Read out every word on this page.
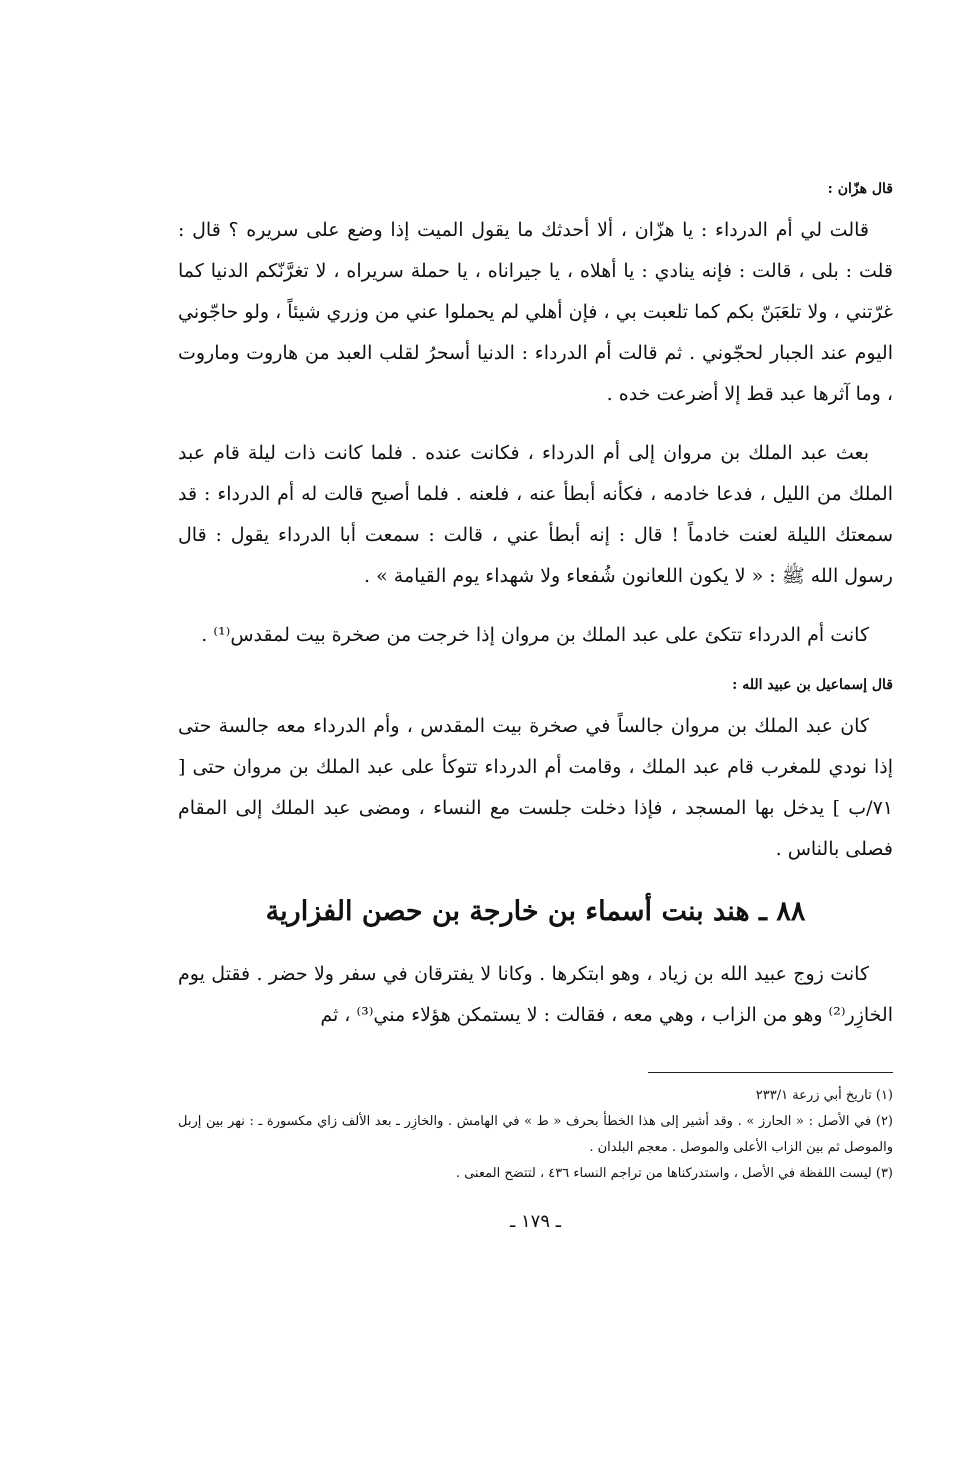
قال هزّان :

قالت لي أم الدرداء : يا هزّان ، ألا أحدثك ما يقول الميت إذا وضع على سريره ؟ قال : قلت : بلى ، قالت : فإنه ينادي : يا أهلاه ، يا جيراناه ، يا حملة سريراه ، لا تغرَّنّكم الدنيا كما غرّتني ، ولا تلعَبَنّ بكم كما تلعبت بي ، فإن أهلي لم يحملوا عني من وزري شيئاً ، ولو حاجّوني اليوم عند الجبار لحجّوني . ثم قالت أم الدرداء : الدنيا أسحرُ لقلب العبد من هاروت وماروت ، وما آثرها عبد قط إلا أضرعت خده .

بعث عبد الملك بن مروان إلى أم الدرداء ، فكانت عنده . فلما كانت ذات ليلة قام عبد الملك من الليل ، فدعا خادمه ، فكأنه أبطأ عنه ، فلعنه . فلما أصبح قالت له أم الدرداء : قد سمعتك الليلة لعنت خادماً ! قال : إنه أبطأ عني ، قالت : سمعت أبا الدرداء يقول : قال رسول الله ﷺ : « لا يكون اللعانون شُفعاء ولا شهداء يوم القيامة » .

كانت أم الدرداء تتكئ على عبد الملك بن مروان إذا خرجت من صخرة بيت لمقدس⁽¹⁾ .

قال إسماعيل بن عبيد الله :

كان عبد الملك بن مروان جالساً في صخرة بيت المقدس ، وأم الدرداء معه جالسة حتى إذا نودي للمغرب قام عبد الملك ، وقامت أم الدرداء تتوكأ على عبد الملك بن مروان حتى [ ٧١/ب ] يدخل بها المسجد ، فإذا دخلت جلست مع النساء ، ومضى عبد الملك إلى المقام فصلى بالناس .

٨٨ ـ هند بنت أسماء بن خارجة بن حصن الفزارية

كانت زوج عبيد الله بن زياد ، وهو ابتكرها . وكانا لا يفترقان في سفر ولا حضر . فقتل يوم الخازِر⁽²⁾ وهو من الزاب ، وهي معه ، فقالت : لا يستمكن هؤلاء مني⁽³⁾ ، ثم

(١) تاريخ أبي زرعة ٢٣٣/١

(٢) في الأصل : « الحارز » . وقد أشير إلى هذا الخطأ بحرف « ط » في الهامش . والخازِر ـ بعد الألف زاي مكسورة ـ : نهر بين إربل والموصل ثم بين الزاب الأعلى والموصل . معجم البلدان .

(٣) ليست اللفظة في الأصل ، واستدركناها من تراجم النساء ٤٣٦ ، لتتضح المعنى .

ـ ١٧٩ ـ
